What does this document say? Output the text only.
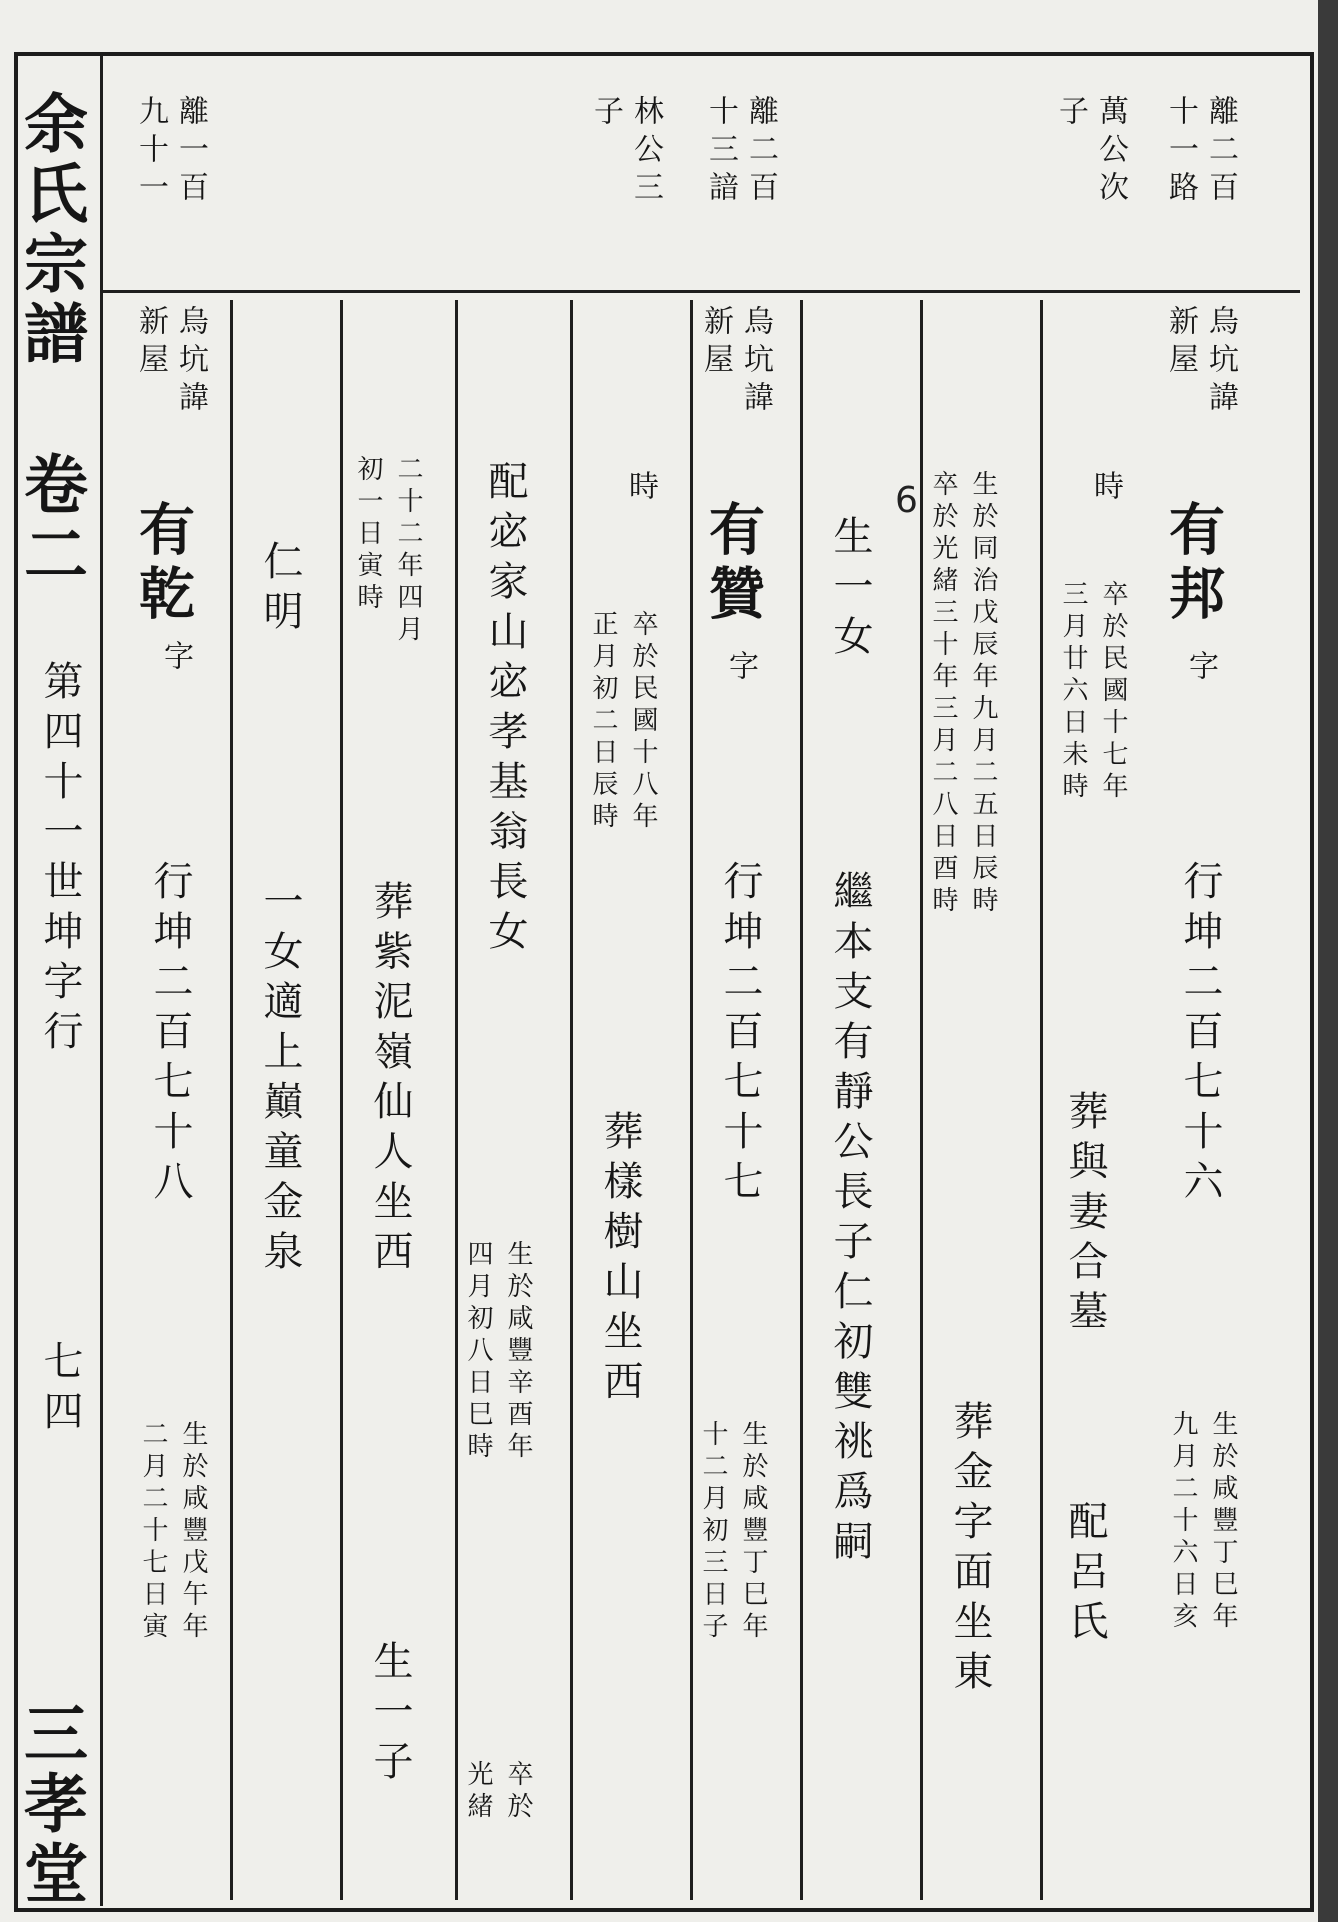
余氏宗譜 卷二
第四十一世坤字行
七四
三孝堂
離二百
十一路
萬公次
子
離二百
十三諳
林公三
子
離一百
九十一
烏坑諱
新屋
有邦
字
行坤二百七十六
生於咸豐丁巳年
九月二十六日亥
時
卒於民國十七年
三月廿六日未時
葬與妻合墓
配呂氏
生於同治戊辰年九月二五日辰時
卒於光緒三十年三月二八日酉時
葬金字面坐東
生一女
繼本支有靜公長子仁初雙祧爲嗣
6
烏坑諱
新屋
有贊
字
行坤二百七十七
生於咸豐丁巳年
十二月初三日子
時
卒於民國十八年
正月初二日辰時
葬樣樹山坐西
配宓家山宓孝基翁長女
生於咸豐辛酉年
四月初八日巳時
卒於
光緒
二十二年四月
初一日寅時
葬紫泥嶺仙人坐西
生一子
仁明
一女適上巔童金泉
烏坑諱
新屋
有乾
字
行坤二百七十八
生於咸豐戊午年
二月二十七日寅
